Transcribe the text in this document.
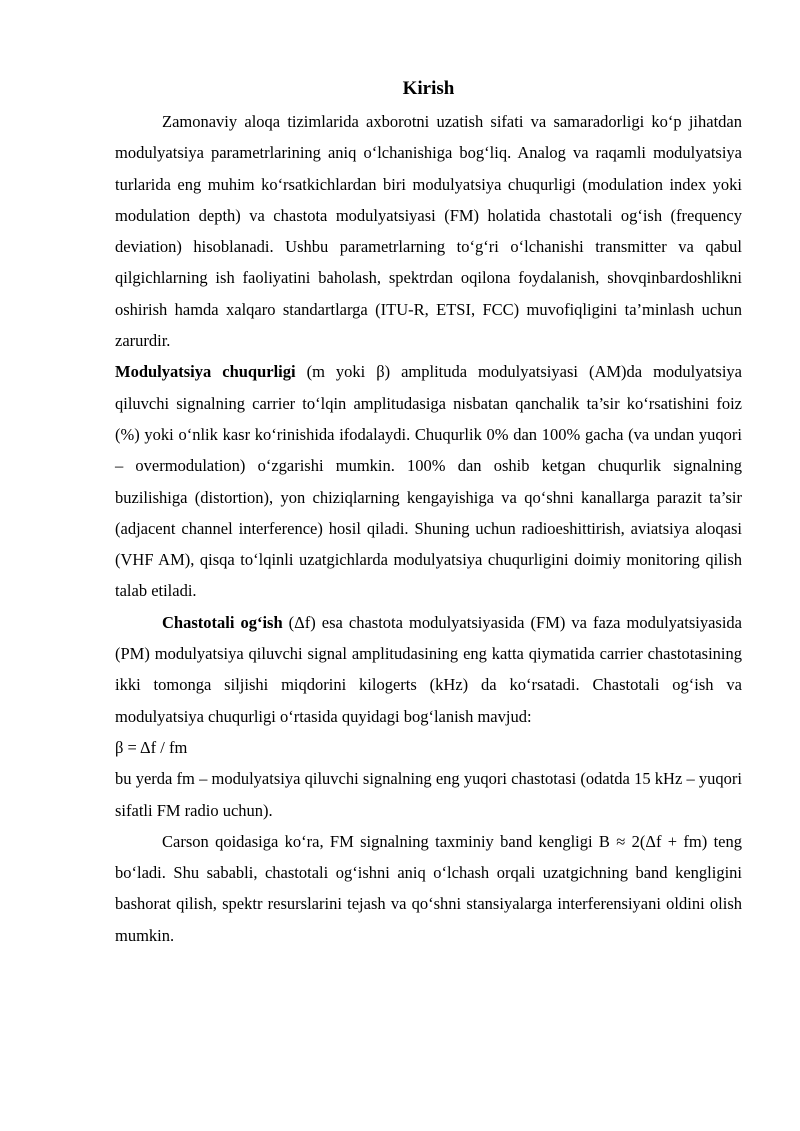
Kirish

Zamonaviy aloqa tizimlarida axborotni uzatish sifati va samaradorligi ko‘p jihatdan modulyatsiya parametrlarining aniq o‘lchanishiga bog‘liq. Analog va raqamli modulyatsiya turlarida eng muhim ko‘rsatkichlardan biri modulyatsiya chuqurligi (modulation index yoki modulation depth) va chastota modulyatsiyasi (FM) holatida chastotali og‘ish (frequency deviation) hisoblanadi. Ushbu parametrlarning to‘g‘ri o‘lchanishi transmitter va qabul qilgichlarning ish faoliyatini baholash, spektrdan oqilona foydalanish, shovqinbardoshlikni oshirish hamda xalqaro standartlarga (ITU-R, ETSI, FCC) muvofiqligini ta’minlash uchun zarurdir.

Modulyatsiya chuqurligi (m yoki β) amplituda modulyatsiyasi (AM)da modulyatsiya qiluvchi signalning carrier to‘lqin amplitudasiga nisbatan qanchalik ta’sir ko‘rsatishini foiz (%) yoki o‘nlik kasr ko‘rinishida ifodalaydi. Chuqurlik 0% dan 100% gacha (va undan yuqori – overmodulation) o‘zgarishi mumkin. 100% dan oshib ketgan chuqurlik signalning buzilishiga (distortion), yon chiziqlarning kengayishiga va qo‘shni kanallarga parazit ta’sir (adjacent channel interference) hosil qiladi. Shuning uchun radioeshittirish, aviatsiya aloqasi (VHF AM), qisqa to‘lqinli uzatgichlarda modulyatsiya chuqurligini doimiy monitoring qilish talab etiladi.

Chastotali og‘ish (Δf) esa chastota modulyatsiyasida (FM) va faza modulyatsiyasida (PM) modulyatsiya qiluvchi signal amplitudasining eng katta qiymatida carrier chastotasining ikki tomonga siljishi miqdorini kilogerts (kHz) da ko‘rsatadi. Chastotali og‘ish va modulyatsiya chuqurligi o‘rtasida quyidagi bog‘lanish mavjud:

β = Δf / fm

bu yerda fm – modulyatsiya qiluvchi signalning eng yuqori chastotasi (odatda 15 kHz – yuqori sifatli FM radio uchun).

Carson qoidasiga ko‘ra, FM signalning taxminiy band kengligi B ≈ 2(Δf + fm) teng bo‘ladi. Shu sababli, chastotali og‘ishni aniq o‘lchash orqali uzatgichning band kengligini bashorat qilish, spektr resurslarini tejash va qo‘shni stansiyalarga interferensiyani oldini olish mumkin.
